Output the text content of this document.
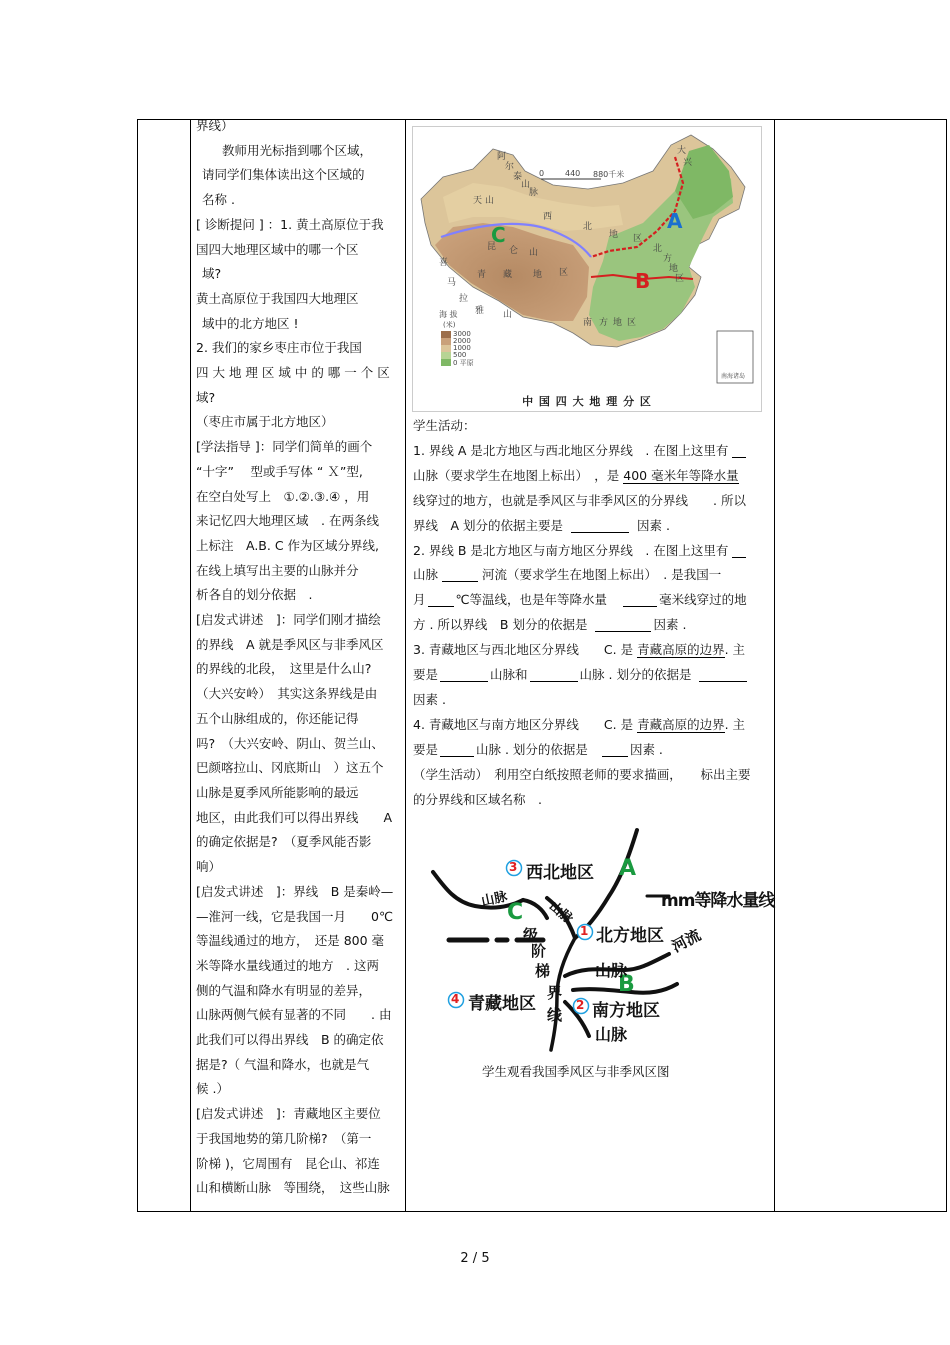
界线）

教师用光标指到哪个区域，

请同学们集体读出这个区域的

名称 .

[ 诊断提问 ] ：1. 黄土高原位于我

国四大地理区域中的哪一个区

域?

黄土高原位于我国四大地理区

域中的北方地区 !

2. 我们的家乡枣庄市位于我国

四 大 地 理 区 域 中 的 哪 一 个 区

域?

（枣庄市属于北方地区）

[学法指导 ]：同学们简单的画个

“十字”　 型或手写体 “ Ｘ”型,

在空白处写上　①.②.③.④ ，用

来记忆四大地理区域　. 在两条线

上标注　A.B. C 作为区域分界线,

在线上填写出主要的山脉并分

析各自的划分依据　.

[启发式讲述　]：同学们刚才描绘

的界线　A 就是季风区与非季风区

的界线的北段，　这里是什么山?

（大兴安岭）　其实这条界线是由

五个山脉组成的，你还能记得

吗?　（大兴安岭、阴山、贺兰山、

巴颜喀拉山、冈底斯山　）这五个

山脉是夏季风所能影响的最远

地区，由此我们可以得出界线　　A

的确定依据是?　（夏季风能否影

响）

[启发式讲述　]：界线　B 是秦岭—

—淮河一线，它是我国一月　　0℃

等温线通过的地方，　还是 800 毫

米等降水量线通过的地方　. 这两

侧的气温和降水有明显的差异，

山脉两侧气候有显著的不同　　. 由

此我们可以得出界线　B 的确定依

据是?（ 气温和降水，也就是气

候 .）

[启发式讲述　]：青藏地区主要位

于我国地势的第几阶梯?　（第一

阶梯 )，它周围有　昆仑山、祁连

山和横断山脉　等围绕，　这些山脉

阿
尔
泰
山
脉
天 山
西
北
地 区
北
方
地
区
青 藏 地 区
南 方 地 区
昆 仑 山
喜
马
拉
雅 山
大
兴
0	440 880千米
海 拔
(米)
3000
2000
1000
500
0 平原
南海诸岛
A
B
C
中 国 四 大 地 理 分 区

学生活动：

1. 界线 A 是北方地区与西北地区分界线　. 在图上这里有

山脉（要求学生在地图上标出）　，是 400 毫米年等降水量

线穿过的地方，也就是季风区与非季风区的分界线　　. 所以

界线　A 划分的依据主要是	因素 .

2. 界线 B 是北方地区与南方地区分界线　. 在图上这里有

山脉	河流（要求学生在地图上标出）　. 是我国一

月 ℃等温线，也是年等降水量	毫米线穿过的地

方 . 所以界线　B 划分的依据是	因素 .

3. 青藏地区与西北地区分界线　　C. 是 青藏高原的边界. 主

要是	山脉和	山脉 . 划分的依据是

因素 .

4. 青藏地区与南方地区分界线　　C. 是 青藏高原的边界. 主

要是	山脉 . 划分的依据是	因素 .

（学生活动）　利用空白纸按照老师的要求描画，　　标出主要

的分界线和区域名称　.

3
1
4	2
西北地区
北方地区
青藏地区	南方地区
A
C
B
mm等降水量线
山脉	山脉
山脉
山脉
河流
级
阶
梯
界
线
学生观看我国季风区与非季风区图
2 / 5
